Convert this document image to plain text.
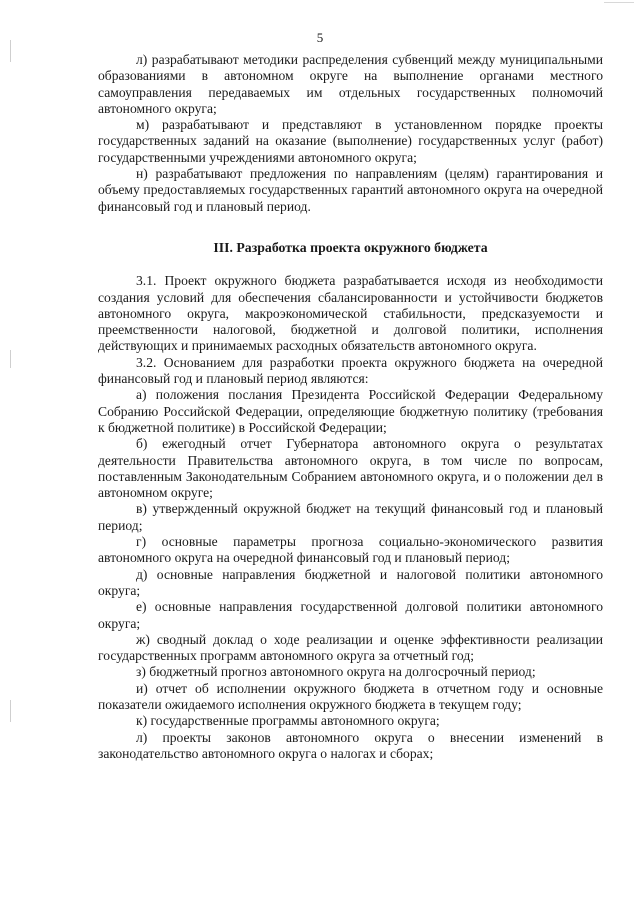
5

л) разрабатывают методики распределения субвенций между муниципальными образованиями в автономном округе на выполнение органами местного самоуправления передаваемых им отдельных государственных полномочий автономного округа;

м) разрабатывают и представляют в установленном порядке проекты государственных заданий на оказание (выполнение) государственных услуг (работ) государственными учреждениями автономного округа;

н) разрабатывают предложения по направлениям (целям) гарантирования и объему предоставляемых государственных гарантий автономного округа на очередной финансовый год и плановый период.

III. Разработка проекта окружного бюджета

3.1. Проект окружного бюджета разрабатывается исходя из необходимости создания условий для обеспечения сбалансированности и устойчивости бюджетов автономного округа, макроэкономической стабильности, предсказуемости и преемственности налоговой, бюджетной и долговой политики, исполнения действующих и принимаемых расходных обязательств автономного округа.

3.2. Основанием для разработки проекта окружного бюджета на очередной финансовый год и плановый период являются:

а) положения послания Президента Российской Федерации Федеральному Собранию Российской Федерации, определяющие бюджетную политику (требования к бюджетной политике) в Российской Федерации;

б) ежегодный отчет Губернатора автономного округа о результатах деятельности Правительства автономного округа, в том числе по вопросам, поставленным Законодательным Собранием автономного округа, и о положении дел в автономном округе;

в) утвержденный окружной бюджет на текущий финансовый год и плановый период;

г) основные параметры прогноза социально-экономического развития автономного округа на очередной финансовый год и плановый период;

д) основные направления бюджетной и налоговой политики автономного округа;

е) основные направления государственной долговой политики автономного округа;

ж) сводный доклад о ходе реализации и оценке эффективности реализации государственных программ автономного округа за отчетный год;

з) бюджетный прогноз автономного округа на долгосрочный период;

и) отчет об исполнении окружного бюджета в отчетном году и основные показатели ожидаемого исполнения окружного бюджета в текущем году;

к) государственные программы автономного округа;

л) проекты законов автономного округа о внесении изменений в законодательство автономного округа о налогах и сборах;
